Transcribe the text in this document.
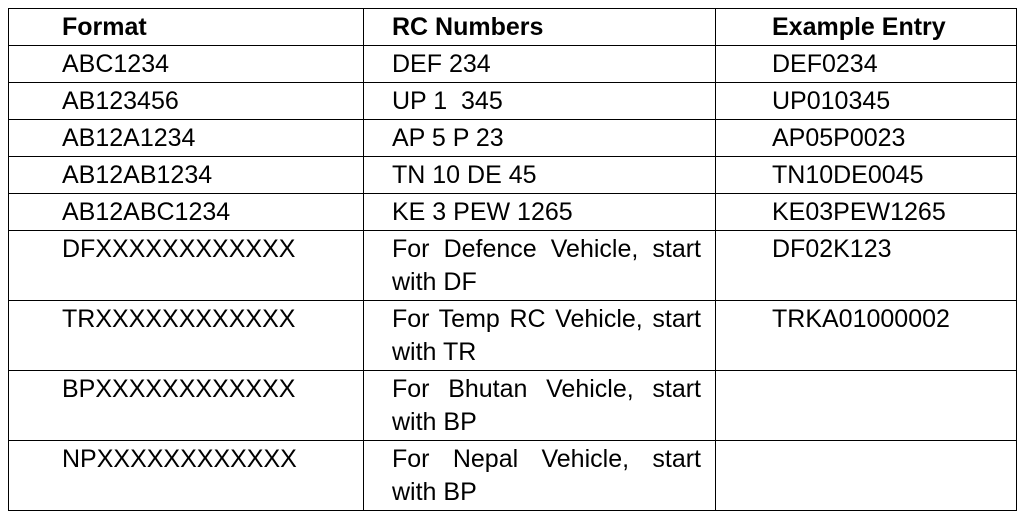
Format	RC Numbers	Example Entry
ABC1234	DEF 234	DEF0234
AB123456	UP 1  345	UP010345
AB12A1234	AP 5 P 23	AP05P0023
AB12AB1234	TN 10 DE 45	TN10DE0045
AB12ABC1234	KE 3 PEW 1265	KE03PEW1265
DFXXXXXXXXXXXX	For Defence Vehicle, start with DF	DF02K123
TRXXXXXXXXXXXX	For Temp RC Vehicle, start with TR	TRKA01000002
BPXXXXXXXXXXXX	For Bhutan Vehicle, start with BP	
NPXXXXXXXXXXXX	For Nepal Vehicle, start with BP	
